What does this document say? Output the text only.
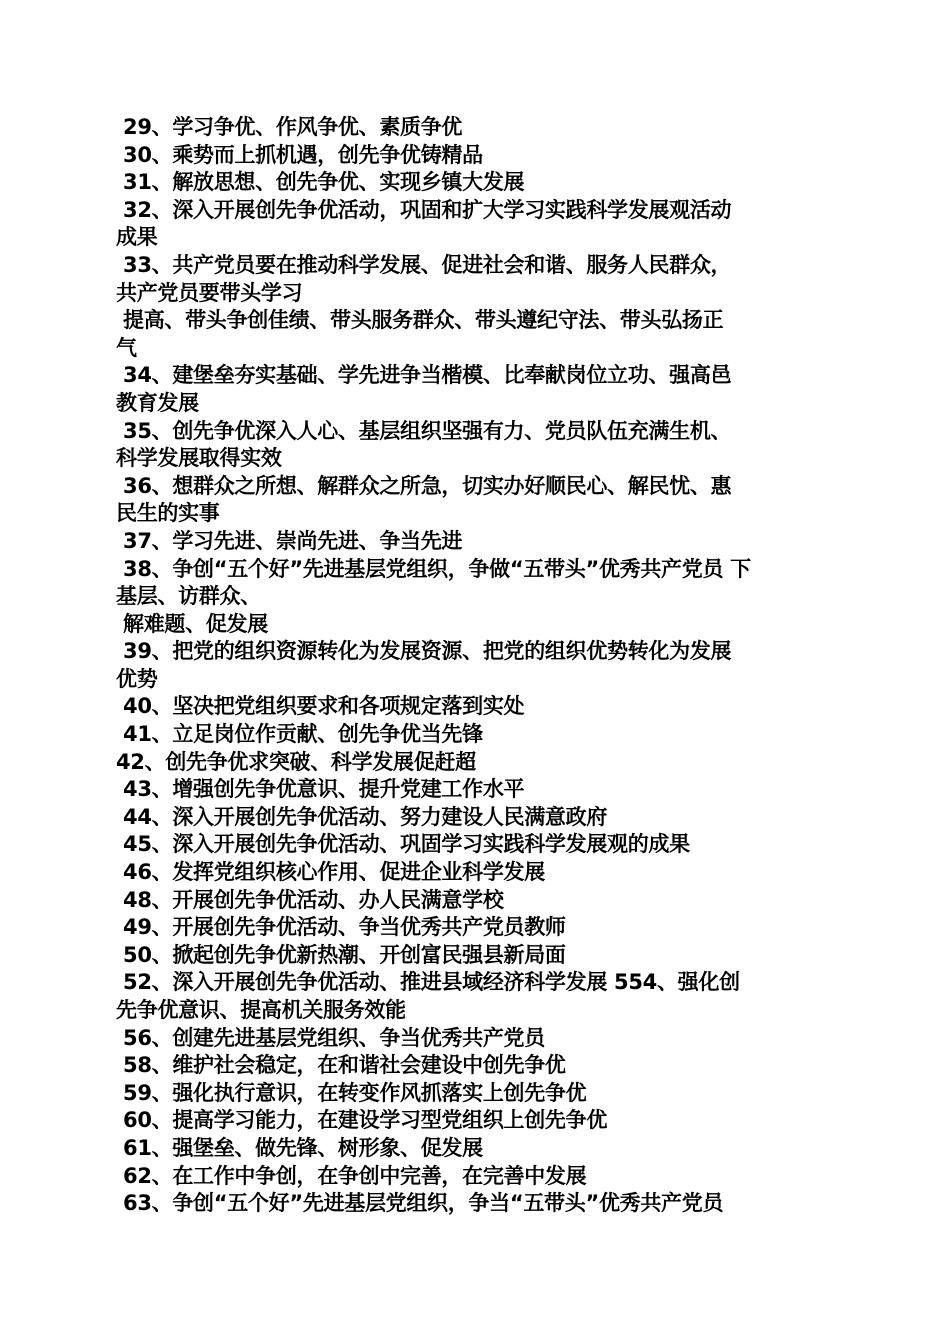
29、学习争优、作风争优、素质争优

30、乘势而上抓机遇，创先争优铸精品

31、解放思想、创先争优、实现乡镇大发展

32、深入开展创先争优活动，巩固和扩大学习实践科学发展观活动

成果

33、共产党员要在推动科学发展、促进社会和谐、服务人民群众，

共产党员要带头学习

提高、带头争创佳绩、带头服务群众、带头遵纪守法、带头弘扬正

气

34、建堡垒夯实基础、学先进争当楷模、比奉献岗位立功、强高邑

教育发展

35、创先争优深入人心、基层组织坚强有力、党员队伍充满生机、

科学发展取得实效

36、想群众之所想、解群众之所急，切实办好顺民心、解民忧、惠

民生的实事

37、学习先进、崇尚先进、争当先进

38、争创“五个好”先进基层党组织，争做“五带头”优秀共产党员 下

基层、访群众、

解难题、促发展

39、把党的组织资源转化为发展资源、把党的组织优势转化为发展

优势

40、坚决把党组织要求和各项规定落到实处

41、立足岗位作贡献、创先争优当先锋

42、创先争优求突破、科学发展促赶超

43、增强创先争优意识、提升党建工作水平

44、深入开展创先争优活动、努力建设人民满意政府

45、深入开展创先争优活动、巩固学习实践科学发展观的成果

46、发挥党组织核心作用、促进企业科学发展

48、开展创先争优活动、办人民满意学校

49、开展创先争优活动、争当优秀共产党员教师

50、掀起创先争优新热潮、开创富民强县新局面

52、深入开展创先争优活动、推进县域经济科学发展 554、强化创

先争优意识、提高机关服务效能

56、创建先进基层党组织、争当优秀共产党员

58、维护社会稳定，在和谐社会建设中创先争优

59、强化执行意识，在转变作风抓落实上创先争优

60、提高学习能力，在建设学习型党组织上创先争优

61、强堡垒、做先锋、树形象、促发展

62、在工作中争创，在争创中完善，在完善中发展

63、争创“五个好”先进基层党组织，争当“五带头”优秀共产党员
